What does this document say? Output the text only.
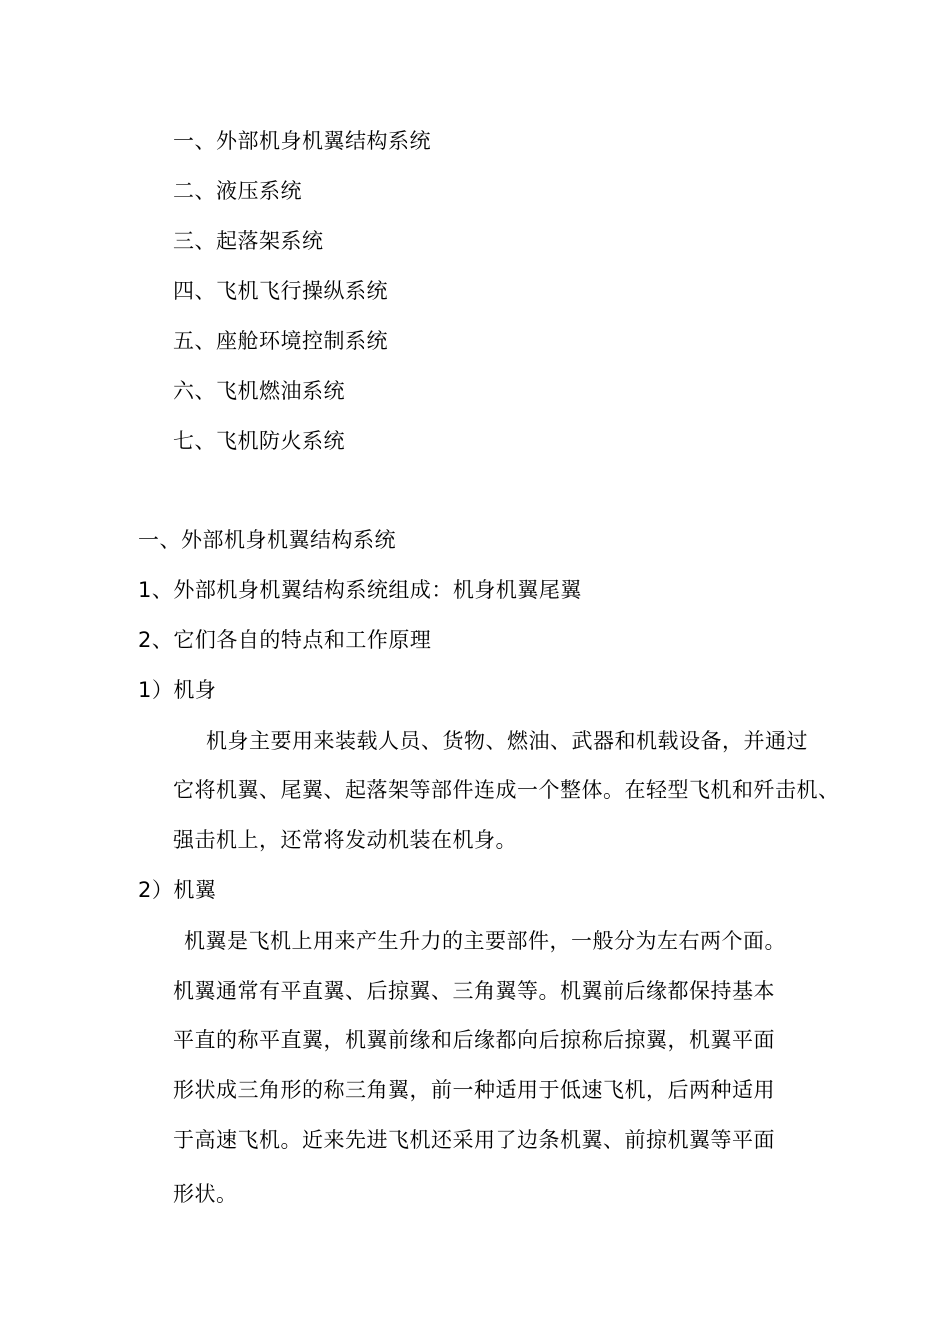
一、外部机身机翼结构系统
二、液压系统
三、起落架系统
四、飞机飞行操纵系统
五、座舱环境控制系统
六、飞机燃油系统
七、飞机防火系统
一、外部机身机翼结构系统
1、外部机身机翼结构系统组成：机身机翼尾翼
2、它们各自的特点和工作原理
1）机身
机身主要用来装载人员、货物、燃油、武器和机载设备，并通过
它将机翼、尾翼、起落架等部件连成一个整体。在轻型飞机和歼击机、
强击机上，还常将发动机装在机身。
2）机翼
机翼是飞机上用来产生升力的主要部件，一般分为左右两个面。
机翼通常有平直翼、后掠翼、三角翼等。机翼前后缘都保持基本
平直的称平直翼，机翼前缘和后缘都向后掠称后掠翼，机翼平面
形状成三角形的称三角翼，前一种适用于低速飞机，后两种适用
于高速飞机。近来先进飞机还采用了边条机翼、前掠机翼等平面
形状。
